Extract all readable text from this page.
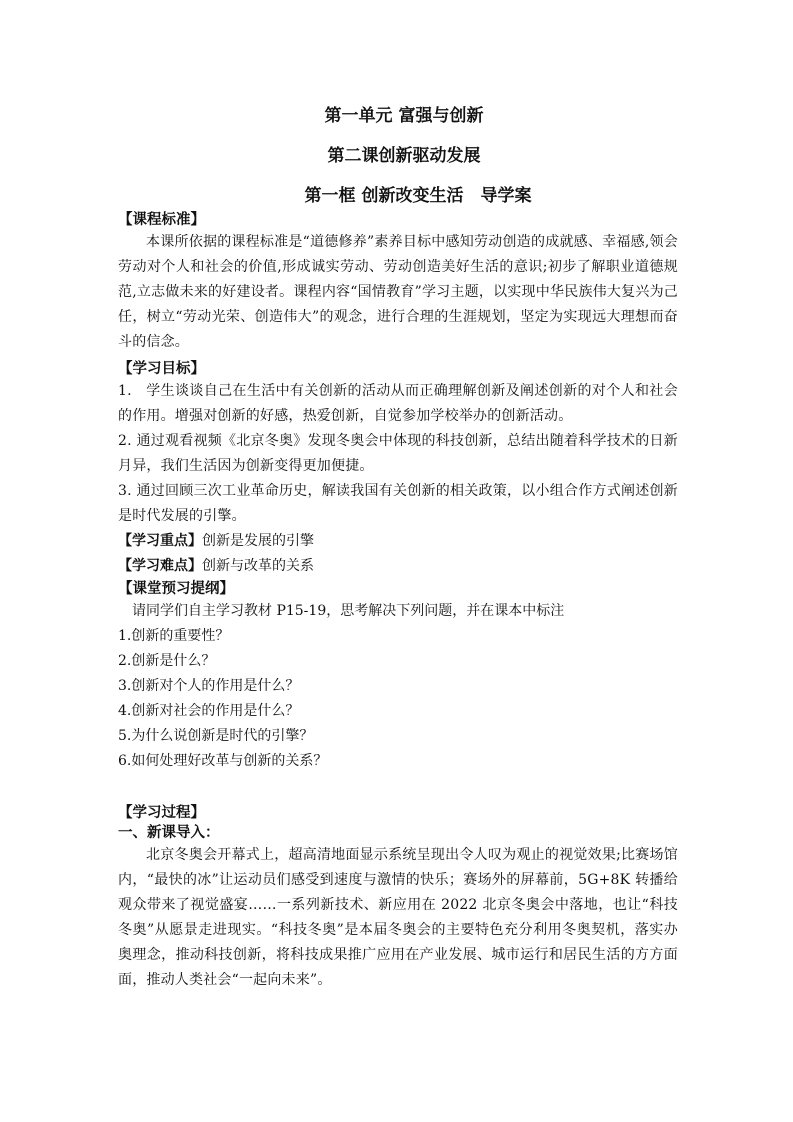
第一单元 富强与创新
第二课创新驱动发展
第一框 创新改变生活　导学案
【课程标准】
本课所依据的课程标准是“道德修养”素养目标中感知劳动创造的成就感、幸福感,领会劳动对个人和社会的价值,形成诚实劳动、劳动创造美好生活的意识;初步了解职业道德规范,立志做未来的好建设者。课程内容“国情教育”学习主题，以实现中华民族伟大复兴为己任，树立“劳动光荣、创造伟大”的观念，进行合理的生涯规划，坚定为实现远大理想而奋斗的信念。
【学习目标】
1.　学生谈谈自己在生活中有关创新的活动从而正确理解创新及阐述创新的对个人和社会的作用。增强对创新的好感，热爱创新，自觉参加学校举办的创新活动。
2. 通过观看视频《北京冬奥》发现冬奥会中体现的科技创新，总结出随着科学技术的日新月异，我们生活因为创新变得更加便捷。
3. 通过回顾三次工业革命历史，解读我国有关创新的相关政策，以小组合作方式阐述创新是时代发展的引擎。
【学习重点】创新是发展的引擎
【学习难点】创新与改革的关系
【课堂预习提纲】
请同学们自主学习教材 P15-19，思考解决下列问题，并在课本中标注
1.创新的重要性？
2.创新是什么？
3.创新对个人的作用是什么？
4.创新对社会的作用是什么？
5.为什么说创新是时代的引擎？
6.如何处理好改革与创新的关系？
【学习过程】
一、新课导入：
北京冬奥会开幕式上，超高清地面显示系统呈现出令人叹为观止的视觉效果;比赛场馆内，“最快的冰”让运动员们感受到速度与激情的快乐；赛场外的屏幕前，5G+8K 转播给观众带来了视觉盛宴……一系列新技术、新应用在 2022 北京冬奥会中落地，也让“科技冬奥”从愿景走进现实。“科技冬奥”是本届冬奥会的主要特色充分利用冬奥契机，落实办奥理念，推动科技创新，将科技成果推广应用在产业发展、城市运行和居民生活的方方面面，推动人类社会“一起向未来”。
